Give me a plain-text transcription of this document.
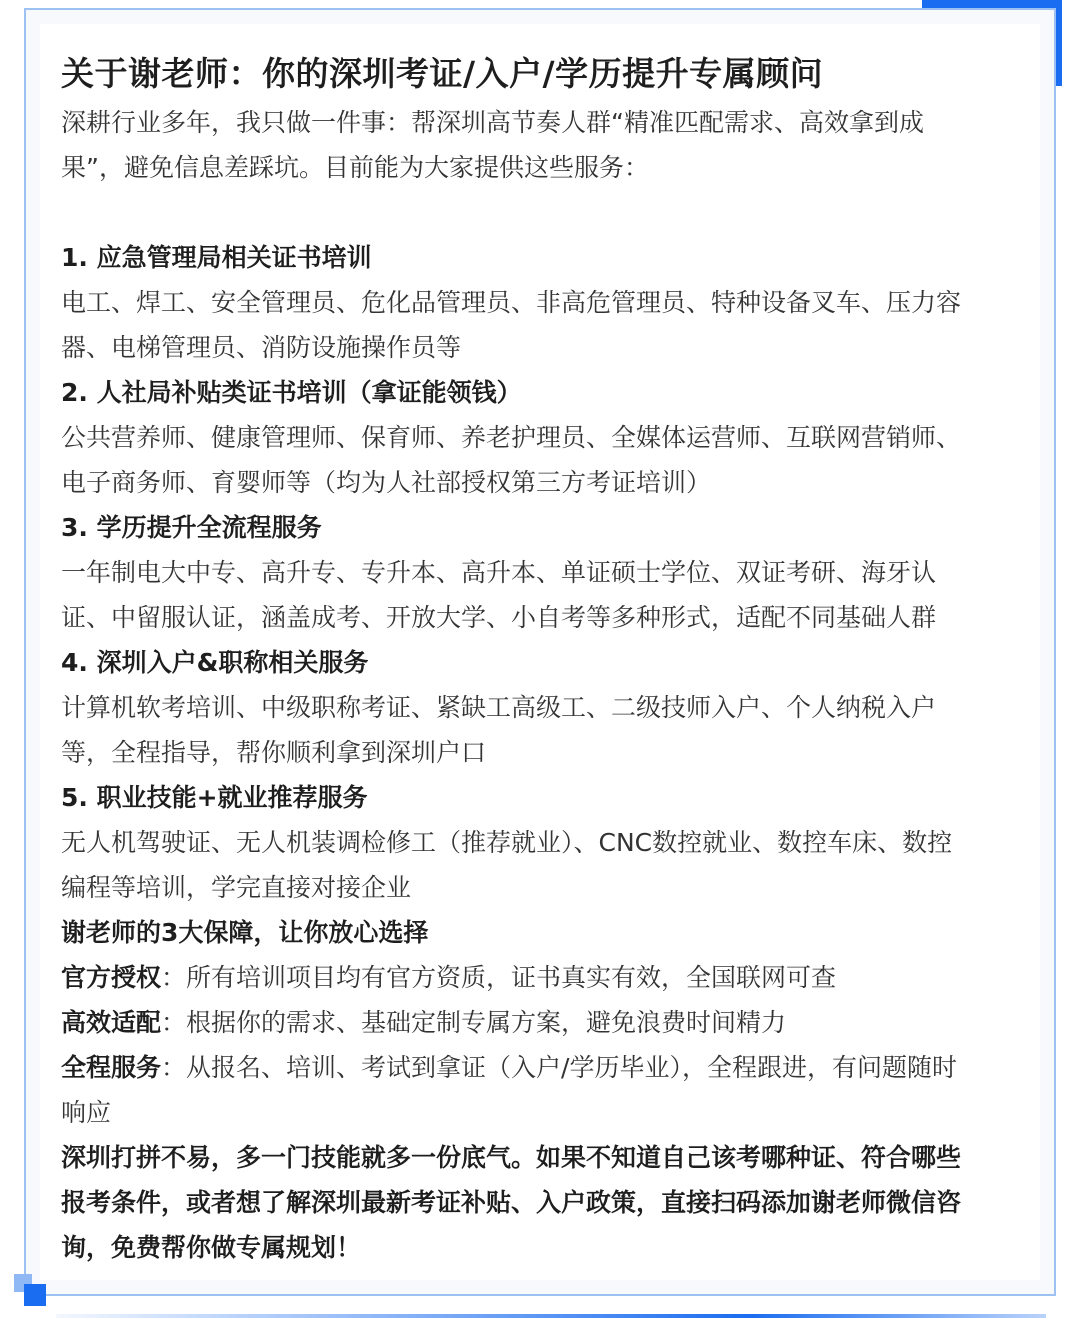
关于谢老师：你的深圳考证/入户/学历提升专属顾问

深耕行业多年，我只做一件事：帮深圳高节奏人群“精准匹配需求、高效拿到成

果”，避免信息差踩坑。目前能为大家提供这些服务：

1. 应急管理局相关证书培训

电工、焊工、安全管理员、危化品管理员、非高危管理员、特种设备叉车、压力容

器、电梯管理员、消防设施操作员等

2. 人社局补贴类证书培训（拿证能领钱）

公共营养师、健康管理师、保育师、养老护理员、全媒体运营师、互联网营销师、

电子商务师、育婴师等（均为人社部授权第三方考证培训）

3. 学历提升全流程服务

一年制电大中专、高升专、专升本、高升本、单证硕士学位、双证考研、海牙认

证、中留服认证，涵盖成考、开放大学、小自考等多种形式，适配不同基础人群

4. 深圳入户&职称相关服务

计算机软考培训、中级职称考证、紧缺工高级工、二级技师入户、个人纳税入户

等，全程指导，帮你顺利拿到深圳户口

5. 职业技能+就业推荐服务

无人机驾驶证、无人机装调检修工（推荐就业）、CNC数控就业、数控车床、数控

编程等培训，学完直接对接企业

谢老师的3大保障，让你放心选择

官方授权：所有培训项目均有官方资质，证书真实有效，全国联网可查

高效适配：根据你的需求、基础定制专属方案，避免浪费时间精力

全程服务：从报名、培训、考试到拿证（入户/学历毕业），全程跟进，有问题随时

响应

深圳打拼不易，多一门技能就多一份底气。如果不知道自己该考哪种证、符合哪些

报考条件，或者想了解深圳最新考证补贴、入户政策，直接扫码添加谢老师微信咨

询，免费帮你做专属规划！
